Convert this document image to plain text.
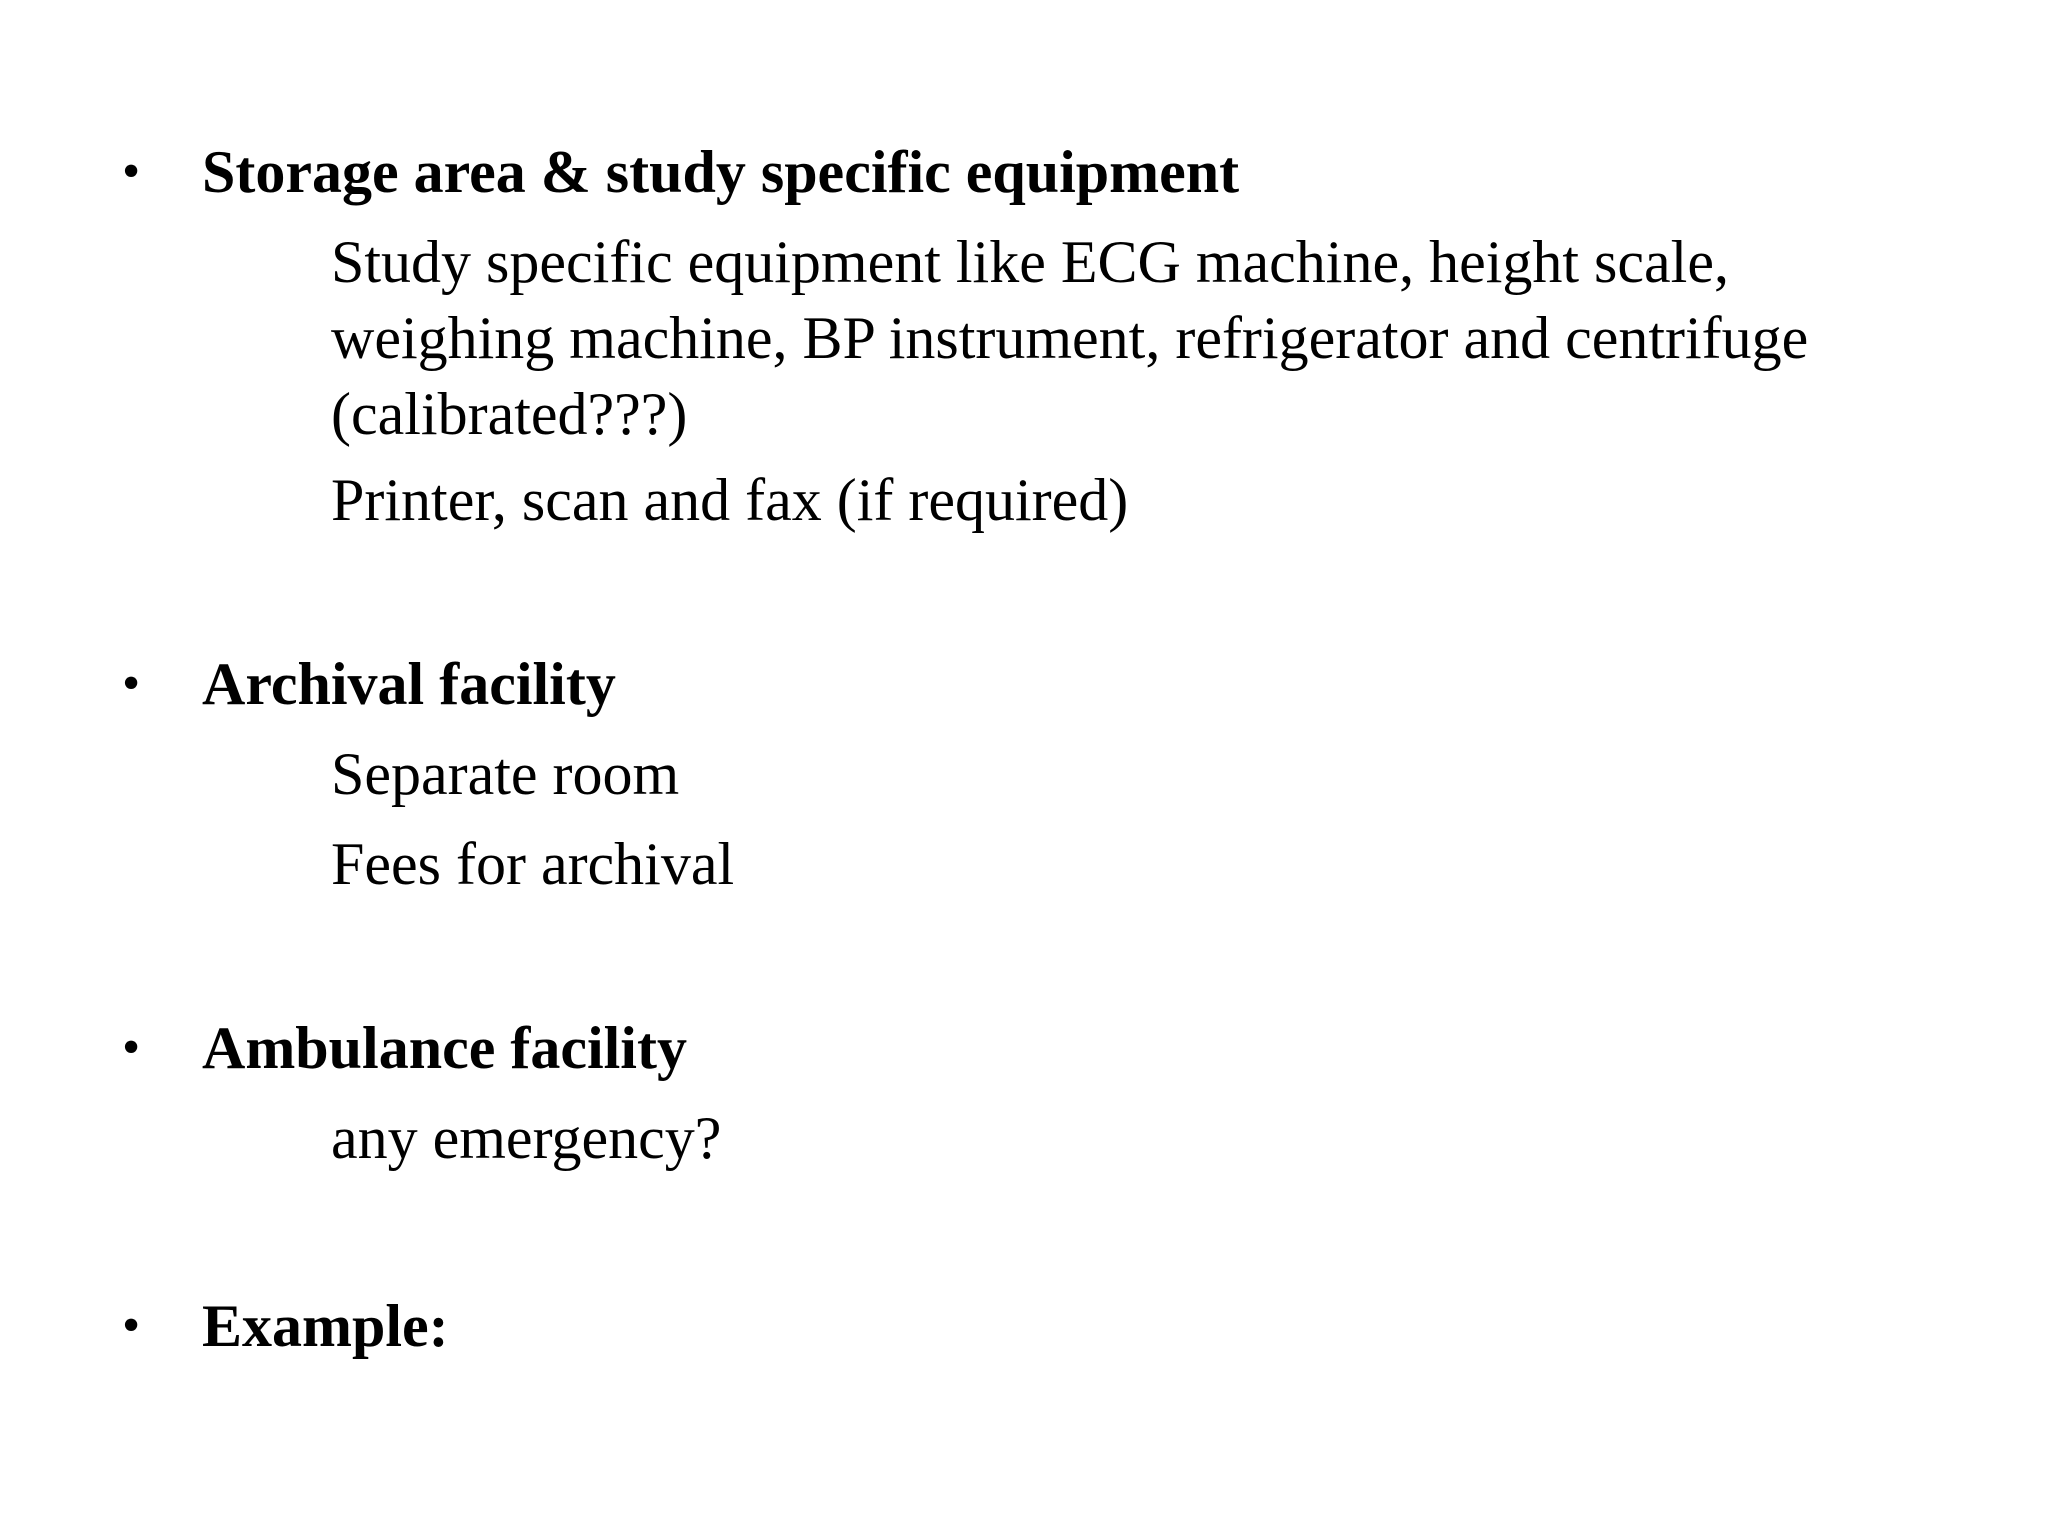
• Storage area & study specific equipment
Study specific equipment like ECG machine, height scale, weighing machine, BP instrument, refrigerator and centrifuge (calibrated???)
Printer, scan and fax (if required)
• Archival facility
Separate room
Fees for archival
• Ambulance facility
any emergency?
• Example:
